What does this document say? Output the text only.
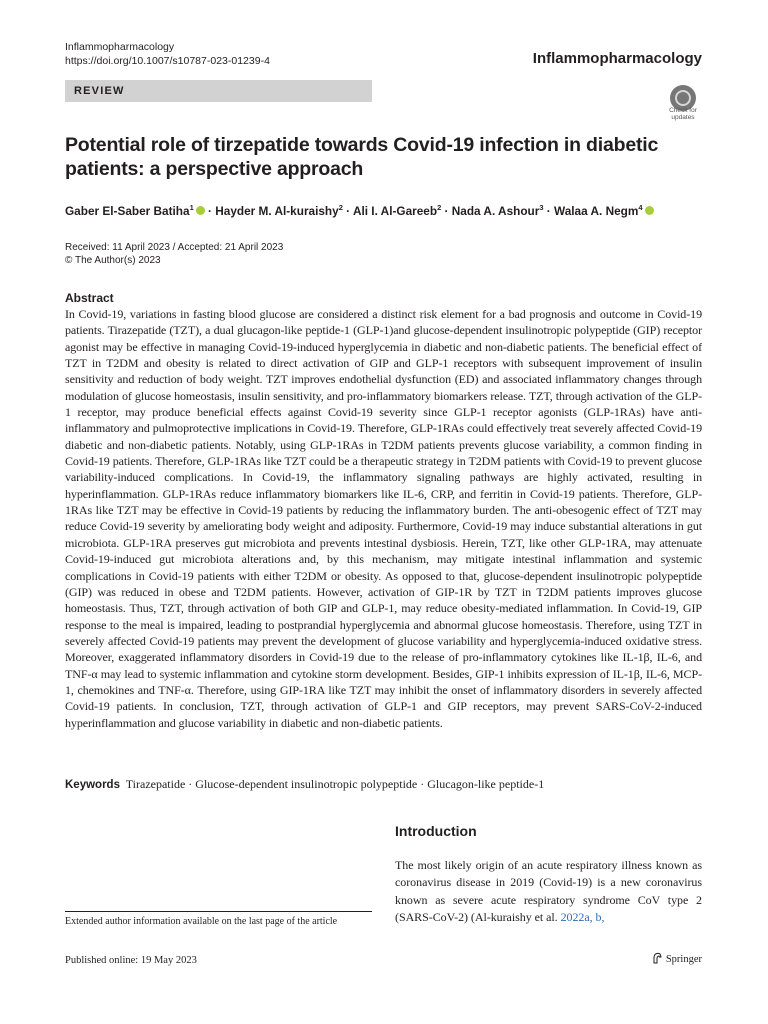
Inflammopharmacology
https://doi.org/10.1007/s10787-023-01239-4	Inflammopharmacology
REVIEW
Check for
updates
Potential role of tirzepatide towards Covid-19 infection in diabetic patients: a perspective approach
Gaber El-Saber Batiha$^1$ · Hayder M. Al-kuraishy$^2$ · Ali I. Al-Gareeb$^2$ · Nada A. Ashour$^3$ · Walaa A. Negm$^4$
Received: 11 April 2023 / Accepted: 21 April 2023
© The Author(s) 2023
Abstract
In Covid-19, variations in fasting blood glucose are considered a distinct risk element for a bad prognosis and outcome in Covid-19 patients. Tirazepatide (TZT), a dual glucagon-like peptide-1 (GLP-1)and glucose-dependent insulinotropic polypeptide (GIP) receptor agonist may be effective in managing Covid-19-induced hyperglycemia in diabetic and non-diabetic patients. The beneficial effect of TZT in T2DM and obesity is related to direct activation of GIP and GLP-1 receptors with subsequent improvement of insulin sensitivity and reduction of body weight. TZT improves endothelial dysfunction (ED) and associated inflammatory changes through modulation of glucose homeostasis, insulin sensitivity, and pro-inflammatory biomarkers release. TZT, through activation of the GLP-1 receptor, may produce beneficial effects against Covid-19 severity since GLP-1 receptor agonists (GLP-1RAs) have anti-inflammatory and pulmoprotective implications in Covid-19. Therefore, GLP-1RAs could effectively treat severely affected Covid-19 diabetic and non-diabetic patients. Notably, using GLP-1RAs in T2DM patients prevents glucose variability, a common finding in Covid-19 patients. Therefore, GLP-1RAs like TZT could be a therapeutic strategy in T2DM patients with Covid-19 to prevent glucose variability-induced complications. In Covid-19, the inflammatory signaling pathways are highly activated, resulting in hyperinflammation. GLP-1RAs reduce inflammatory biomarkers like IL-6, CRP, and ferritin in Covid-19 patients. Therefore, GLP-1RAs like TZT may be effective in Covid-19 patients by reducing the inflammatory burden. The anti-obesogenic effect of TZT may reduce Covid-19 severity by ameliorating body weight and adiposity. Furthermore, Covid-19 may induce substantial alterations in gut microbiota. GLP-1RA preserves gut microbiota and prevents intestinal dysbiosis. Herein, TZT, like other GLP-1RA, may attenuate Covid-19-induced gut microbiota alterations and, by this mechanism, may mitigate intestinal inflammation and systemic complications in Covid-19 patients with either T2DM or obesity. As opposed to that, glucose-dependent insulinotropic polypeptide (GIP) was reduced in obese and T2DM patients. However, activation of GIP-1R by TZT in T2DM patients improves glucose homeostasis. Thus, TZT, through activation of both GIP and GLP-1, may reduce obesity-mediated inflammation. In Covid-19, GIP response to the meal is impaired, leading to postprandial hyperglycemia and abnormal glucose homeostasis. Therefore, using TZT in severely affected Covid-19 patients may prevent the development of glucose variability and hyperglycemia-induced oxidative stress. Moreover, exaggerated inflammatory disorders in Covid-19 due to the release of pro-inflammatory cytokines like IL-1β, IL-6, and TNF-α may lead to systemic inflammation and cytokine storm development. Besides, GIP-1 inhibits expression of IL-1β, IL-6, MCP-1, chemokines and TNF-α. Therefore, using GIP-1RA like TZT may inhibit the onset of inflammatory disorders in severely affected Covid-19 patients. In conclusion, TZT, through activation of GLP-1 and GIP receptors, may prevent SARS-CoV-2-induced hyperinflammation and glucose variability in diabetic and non-diabetic patients.
Keywords Tirazepatide · Glucose-dependent insulinotropic polypeptide · Glucagon-like peptide-1
Introduction
The most likely origin of an acute respiratory illness known as coronavirus disease in 2019 (Covid-19) is a new coronavirus known as severe acute respiratory syndrome CoV type 2 (SARS-CoV-2) (Al-kuraishy et al. 2022a, b,
Extended author information available on the last page of the article
Published online: 19 May 2023	Springer
